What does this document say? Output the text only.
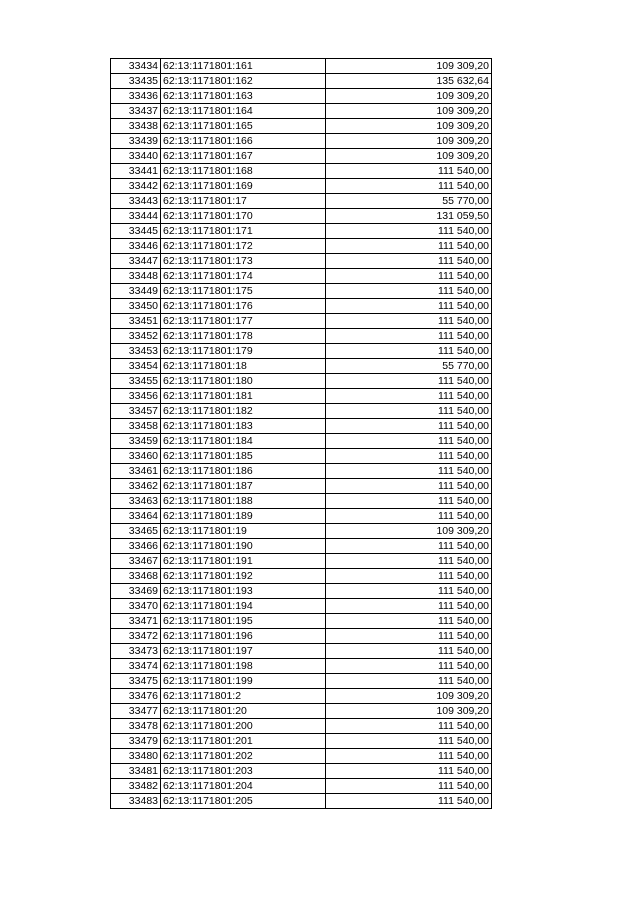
33434	62:13:1171801:161	109 309,20
33435	62:13:1171801:162	135 632,64
33436	62:13:1171801:163	109 309,20
33437	62:13:1171801:164	109 309,20
33438	62:13:1171801:165	109 309,20
33439	62:13:1171801:166	109 309,20
33440	62:13:1171801:167	109 309,20
33441	62:13:1171801:168	111 540,00
33442	62:13:1171801:169	111 540,00
33443	62:13:1171801:17	55 770,00
33444	62:13:1171801:170	131 059,50
33445	62:13:1171801:171	111 540,00
33446	62:13:1171801:172	111 540,00
33447	62:13:1171801:173	111 540,00
33448	62:13:1171801:174	111 540,00
33449	62:13:1171801:175	111 540,00
33450	62:13:1171801:176	111 540,00
33451	62:13:1171801:177	111 540,00
33452	62:13:1171801:178	111 540,00
33453	62:13:1171801:179	111 540,00
33454	62:13:1171801:18	55 770,00
33455	62:13:1171801:180	111 540,00
33456	62:13:1171801:181	111 540,00
33457	62:13:1171801:182	111 540,00
33458	62:13:1171801:183	111 540,00
33459	62:13:1171801:184	111 540,00
33460	62:13:1171801:185	111 540,00
33461	62:13:1171801:186	111 540,00
33462	62:13:1171801:187	111 540,00
33463	62:13:1171801:188	111 540,00
33464	62:13:1171801:189	111 540,00
33465	62:13:1171801:19	109 309,20
33466	62:13:1171801:190	111 540,00
33467	62:13:1171801:191	111 540,00
33468	62:13:1171801:192	111 540,00
33469	62:13:1171801:193	111 540,00
33470	62:13:1171801:194	111 540,00
33471	62:13:1171801:195	111 540,00
33472	62:13:1171801:196	111 540,00
33473	62:13:1171801:197	111 540,00
33474	62:13:1171801:198	111 540,00
33475	62:13:1171801:199	111 540,00
33476	62:13:1171801:2	109 309,20
33477	62:13:1171801:20	109 309,20
33478	62:13:1171801:200	111 540,00
33479	62:13:1171801:201	111 540,00
33480	62:13:1171801:202	111 540,00
33481	62:13:1171801:203	111 540,00
33482	62:13:1171801:204	111 540,00
33483	62:13:1171801:205	111 540,00
